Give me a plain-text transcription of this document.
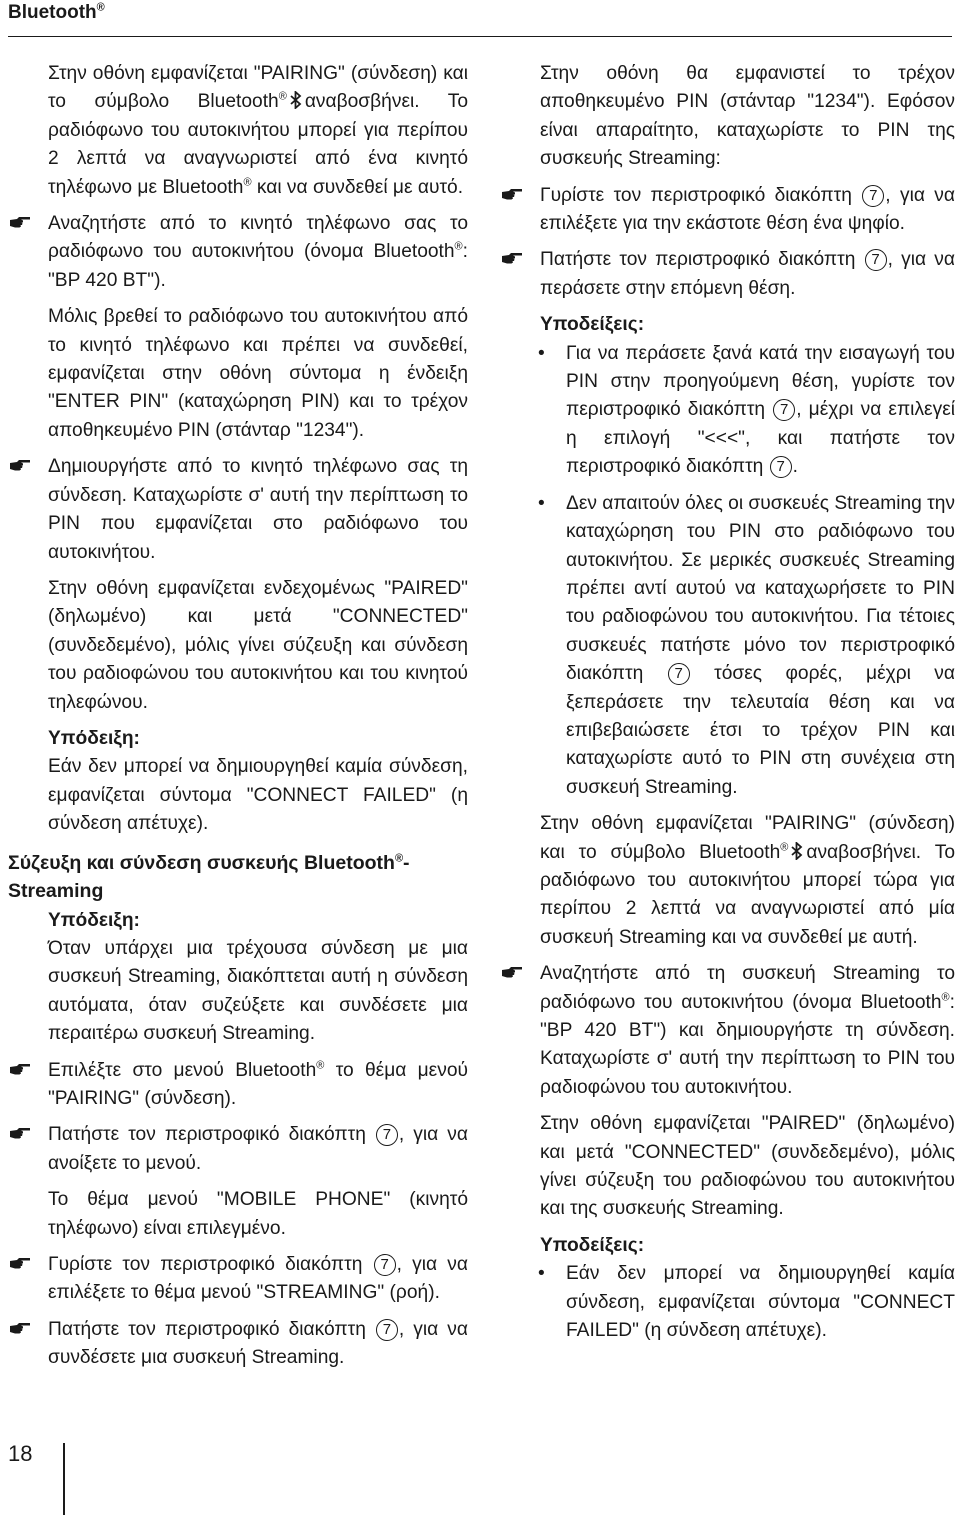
Bluetooth®

Στην οθόνη εμφανίζεται "PAIRING" (σύνδεση) και το σύμβολο Bluetooth® αναβοσβήνει. Το ραδιόφωνο του αυτοκινήτου μπορεί για περίπου 2 λεπτά να αναγνωριστεί από ένα κινητό τηλέφωνο με Bluetooth® και να συνδεθεί με αυτό.

Αναζητήστε από το κινητό τηλέφωνο σας το ραδιόφωνο του αυτοκινήτου (όνομα Bluetooth®: "BP 420 BT").

Μόλις βρεθεί το ραδιόφωνο του αυτοκινήτου από το κινητό τηλέφωνο και πρέπει να συνδεθεί, εμφανίζεται στην οθόνη σύντομα η ένδειξη "ENTER PIN" (καταχώρηση PIN) και το τρέχον αποθηκευμένο PIN (στάνταρ "1234").

Δημιουργήστε από το κινητό τηλέφωνο σας τη σύνδεση. Καταχωρίστε σ' αυτή την περίπτωση το PIN που εμφανίζεται στο ραδιόφωνο του αυτοκινήτου.

Στην οθόνη εμφανίζεται ενδεχομένως "PAIRED" (δηλωμένο) και μετά "CONNECTED" (συνδεδεμένο), μόλις γίνει σύζευξη και σύνδεση του ραδιοφώνου του αυτοκινήτου και του κινητού τηλεφώνου.

Υπόδειξη:

Εάν δεν μπορεί να δημιουργηθεί καμία σύνδεση, εμφανίζεται σύντομα "CONNECT FAILED" (η σύνδεση απέτυχε).

Σύζευξη και σύνδεση συσκευής Bluetooth®-Streaming
Υπόδειξη:

Όταν υπάρχει μια τρέχουσα σύνδεση με μια συσκευή Streaming, διακόπτεται αυτή η σύνδεση αυτόματα, όταν συζεύξετε και συνδέσετε μια περαιτέρω συσκευή Streaming.

Επιλέξτε στο μενού Bluetooth® το θέμα μενού "PAIRING" (σύνδεση).
Πατήστε τον περιστροφικό διακόπτη 7 , για να ανοίξετε το μενού.

Το θέμα μενού "MOBILE PHONE" (κινητό τηλέφωνο) είναι επιλεγμένο.

Γυρίστε τον περιστροφικό διακόπτη 7 , για να επιλέξετε το θέμα μενού "STREAMING" (ροή).
Πατήστε τον περιστροφικό διακόπτη 7 , για να συνδέσετε μια συσκευή Streaming.

Στην οθόνη θα εμφανιστεί το τρέχον αποθηκευμένο PIN (στάνταρ "1234"). Εφόσον είναι απαραίτητο, καταχωρίστε το PIN της συσκευής Streaming:

Γυρίστε τον περιστροφικό διακόπτη 7 , για να επιλέξετε για την εκάστοτε θέση ένα ψηφίο.
Πατήστε τον περιστροφικό διακόπτη 7 , για να περάσετε στην επόμενη θέση.
Υποδείξεις:
• Για να περάσετε ξανά κατά την εισαγωγή του PIN στην προηγούμενη θέση, γυρίστε τον περιστροφικό διακόπτη 7 , μέχρι να επιλεγεί η επιλογή "<<<", και πατήστε τον περιστροφικό διακόπτη 7 .
• Δεν απαιτούν όλες οι συσκευές Streaming την καταχώρηση του PIN στο ραδιόφωνο του αυτοκινήτου. Σε μερικές συσκευές Streaming πρέπει αντί αυτού να καταχωρήσετε το PIN του ραδιοφώνου του αυτοκινήτου. Για τέτοιες συσκευές πατήστε μόνο τον περιστροφικό διακόπτη 7 τόσες φορές, μέχρι να ξεπεράσετε την τελευταία θέση και να επιβεβαιώσετε έτσι το τρέχον PIN και καταχωρίστε αυτό το PIN στη συνέχεια στη συσκευή Streaming.

Στην οθόνη εμφανίζεται "PAIRING" (σύνδεση) και το σύμβολο Bluetooth® αναβοσβήνει. Το ραδιόφωνο του αυτοκινήτου μπορεί τώρα για περίπου 2 λεπτά να αναγνωριστεί από μία συσκευή Streaming και να συνδεθεί με αυτή.

Αναζητήστε από τη συσκευή Streaming το ραδιόφωνο του αυτοκινήτου (όνομα Bluetooth®: "BP 420 BT") και δημιουργήστε τη σύνδεση. Καταχωρίστε σ' αυτή την περίπτωση το PIN του ραδιοφώνου του αυτοκινήτου.

Στην οθόνη εμφανίζεται "PAIRED" (δηλωμένο) και μετά "CONNECTED" (συνδεδεμένο), μόλις γίνει σύζευξη του ραδιοφώνου του αυτοκινήτου και της συσκευής Streaming.

Υποδείξεις:
• Εάν δεν μπορεί να δημιουργηθεί καμία σύνδεση, εμφανίζεται σύντομα "CONNECT FAILED" (η σύνδεση απέτυχε).
18
